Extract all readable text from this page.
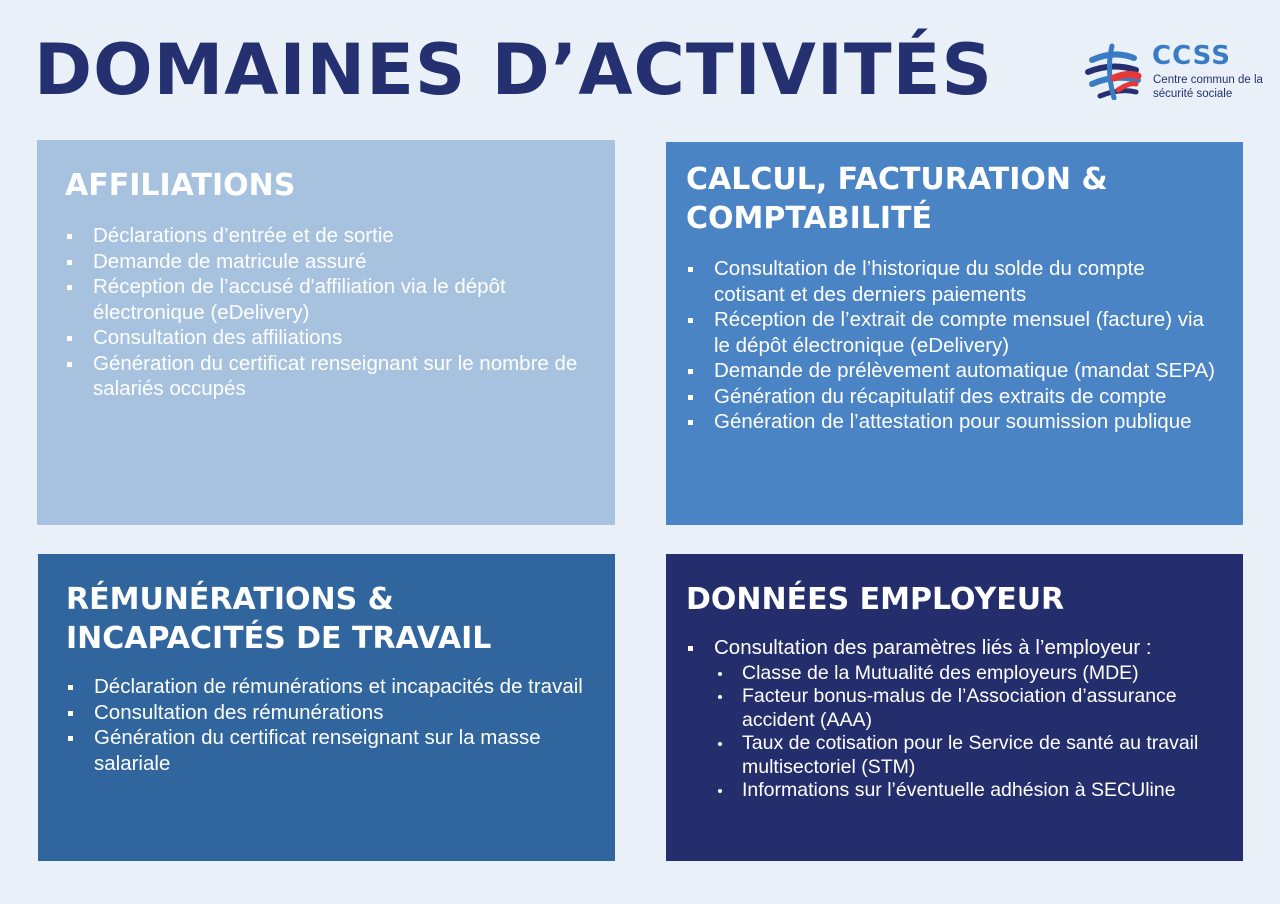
DOMAINES D’ACTIVITÉS	CCSS
Centre commun de la sécurité sociale
AFFILIATIONS
Déclarations d’entrée et de sortie
Demande de matricule assuré
Réception de l’accusé d'affiliation via le dépôt électronique (eDelivery)
Consultation des affiliations
Génération du certificat renseignant sur le nombre de salariés occupés
CALCUL, FACTURATION & COMPTABILITÉ
Consultation de l’historique du solde du compte cotisant et des derniers paiements
Réception de l’extrait de compte mensuel (facture) via le dépôt électronique (eDelivery)
Demande de prélèvement automatique (mandat SEPA)
Génération du récapitulatif des extraits de compte
Génération de l’attestation pour soumission publique
RÉMUNÉRATIONS & INCAPACITÉS DE TRAVAIL
Déclaration de rémunérations et incapacités de travail
Consultation des rémunérations
Génération du certificat renseignant sur la masse salariale
DONNÉES EMPLOYEUR
Consultation des paramètres liés à l’employeur :
Classe de la Mutualité des employeurs (MDE)
Facteur bonus-malus de l’Association d’assurance accident (AAA)
Taux de cotisation pour le Service de santé au travail multisectoriel (STM)
Informations sur l’éventuelle adhésion à SECUline
